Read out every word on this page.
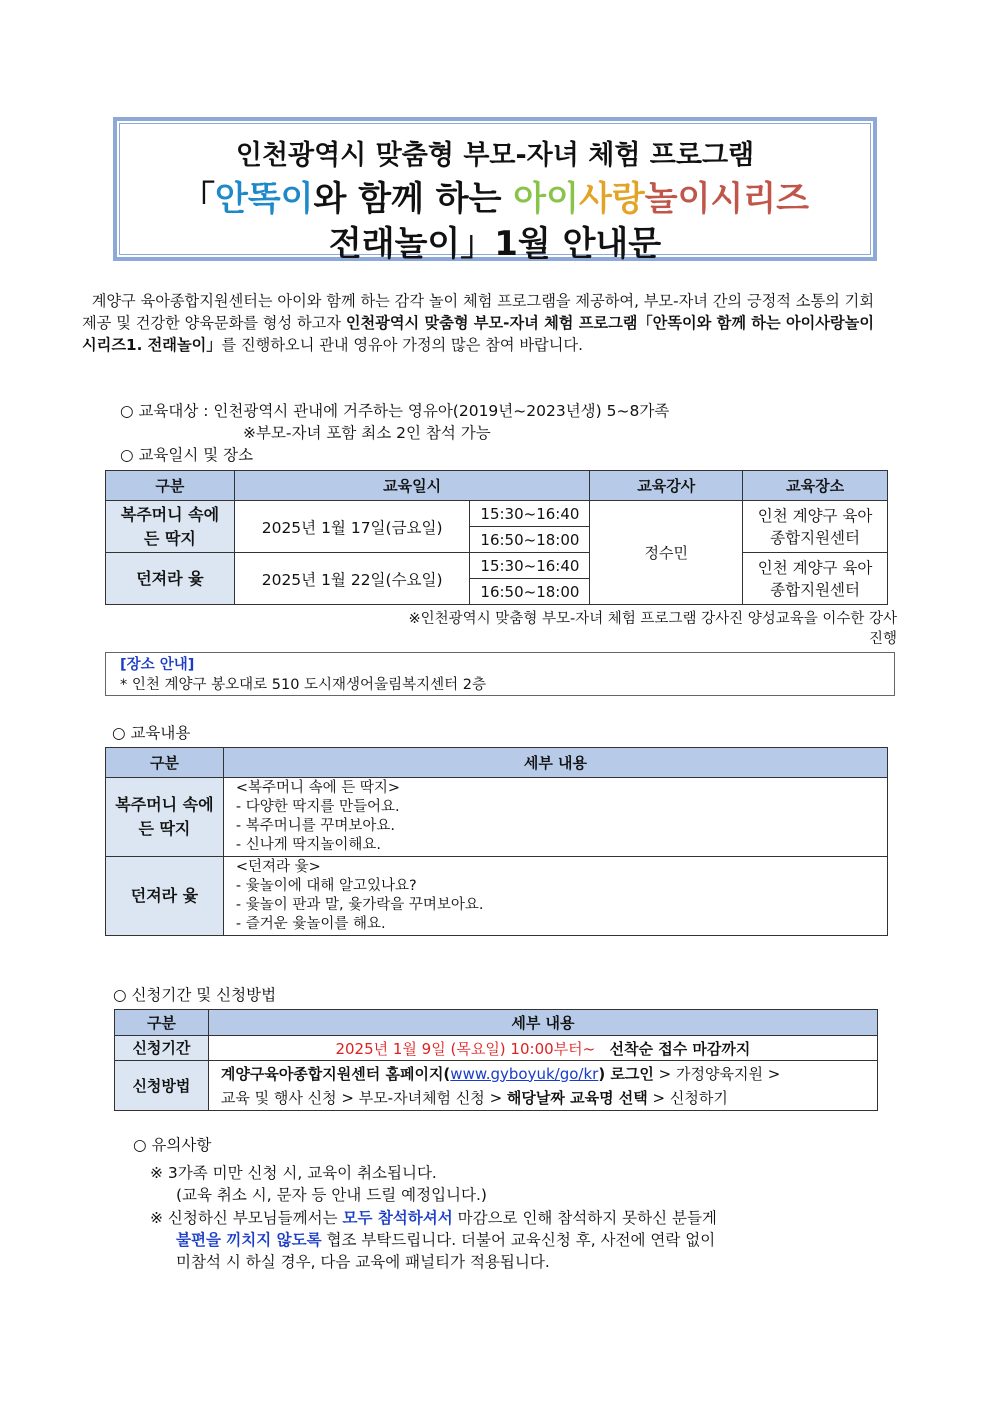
인천광역시 맞춤형 부모-자녀 체험 프로그램
「안똑이와 함께 하는 아이사랑놀이시리즈
전래놀이」1월 안내문
계양구 육아종합지원센터는 아이와 함께 하는 감각 놀이 체험 프로그램을 제공하여, 부모-자녀 간의 긍정적 소통의 기회 제공 및 건강한 양육문화를 형성 하고자 인천광역시 맞춤형 부모-자녀 체험 프로그램「안똑이와 함께 하는 아이사랑놀이시리즈1. 전래놀이」를 진행하오니 관내 영유아 가정의 많은 참여 바랍니다.
○ 교육대상 : 인천광역시 관내에 거주하는 영유아(2019년~2023년생) 5~8가족
※부모-자녀 포함 최소 2인 참석 가능
○ 교육일시 및 장소
구분	교육일시		교육강사	교육장소
복주머니 속에 든 딱지	2025년 1월 17일(금요일)	15:30~16:40	정수민	인천 계양구 육아종합지원센터
		16:50~18:00		
던져라 윷	2025년 1월 22일(수요일)	15:30~16:40		인천 계양구 육아종합지원센터
		16:50~18:00		
※인천광역시 맞춤형 부모-자녀 체험 프로그램 강사진 양성교육을 이수한 강사
진행
[장소 안내]
* 인천 계양구 봉오대로 510 도시재생어울림복지센터 2층
○ 교육내용
구분	세부 내용
복주머니 속에 든 딱지	<복주머니 속에 든 딱지>
- 다양한 딱지를 만들어요.
- 복주머니를 꾸며보아요.
- 신나게 딱지놀이해요.

던져라 윷	<던져라 윷>
- 윷놀이에 대해 알고있나요?
- 윷놀이 판과 말, 윷가락을 꾸며보아요.
- 즐거운 윷놀이를 해요.
○ 신청기간 및 신청방법
구분	세부 내용
신청기간	2025년 1월 9일 (목요일) 10:00부터~ 선착순 접수 마감까지
신청방법	계양구육아종합지원센터 홈페이지(www.gyboyuk/go/kr) 로그인 > 가정양육지원 >
교육 및 행사 신청 > 부모-자녀체험 신청 > 해당날짜 교육명 선택 > 신청하기
○ 유의사항
※ 3가족 미만 신청 시, 교육이 취소됩니다.
(교육 취소 시, 문자 등 안내 드릴 예정입니다.)
※ 신청하신 부모님들께서는 모두 참석하셔서 마감으로 인해 참석하지 못하신 분들게
불편을 끼치지 않도록 협조 부탁드립니다. 더불어 교육신청 후, 사전에 연락 없이
미참석 시 하실 경우, 다음 교육에 패널티가 적용됩니다.
